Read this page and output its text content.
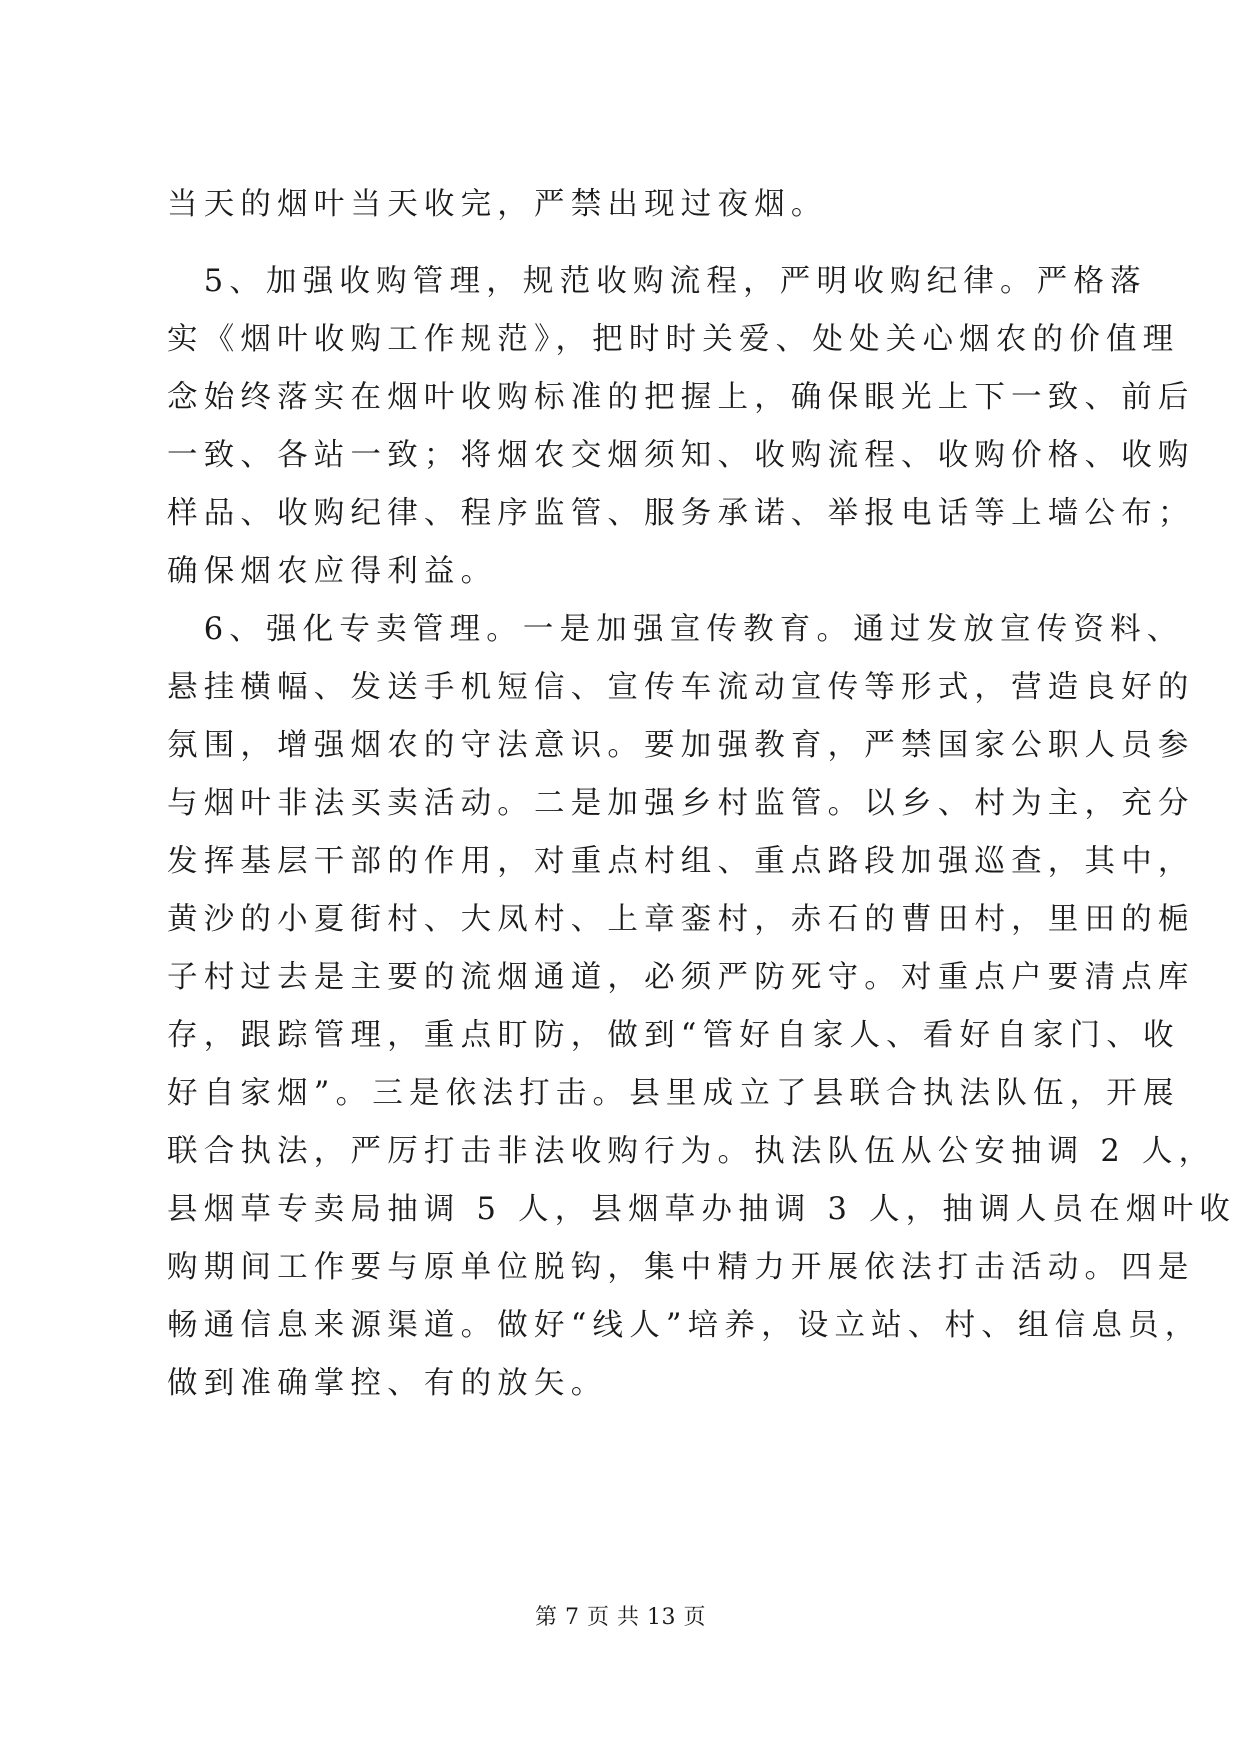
当天的烟叶当天收完，严禁出现过夜烟。
　5、加强收购管理，规范收购流程，严明收购纪律。严格落
实《烟叶收购工作规范》，把时时关爱、处处关心烟农的价值理
念始终落实在烟叶收购标准的把握上，确保眼光上下一致、前后
一致、各站一致；将烟农交烟须知、收购流程、收购价格、收购
样品、收购纪律、程序监管、服务承诺、举报电话等上墙公布；
确保烟农应得利益。
　6、强化专卖管理。一是加强宣传教育。通过发放宣传资料、
悬挂横幅、发送手机短信、宣传车流动宣传等形式，营造良好的
氛围，增强烟农的守法意识。要加强教育，严禁国家公职人员参
与烟叶非法买卖活动。二是加强乡村监管。以乡、村为主，充分
发挥基层干部的作用，对重点村组、重点路段加强巡查，其中，
黄沙的小夏街村、大凤村、上章銮村，赤石的曹田村，里田的梔
子村过去是主要的流烟通道，必须严防死守。对重点户要清点库
存，跟踪管理，重点盯防，做到“管好自家人、看好自家门、收
好自家烟”。三是依法打击。县里成立了县联合执法队伍，开展
联合执法，严厉打击非法收购行为。执法队伍从公安抽调 2 人，
县烟草专卖局抽调 5 人，县烟草办抽调 3 人，抽调人员在烟叶收
购期间工作要与原单位脱钩，集中精力开展依法打击活动。四是
畅通信息来源渠道。做好“线人”培养，设立站、村、组信息员，
做到准确掌控、有的放矢。
第 7 页 共 13 页
